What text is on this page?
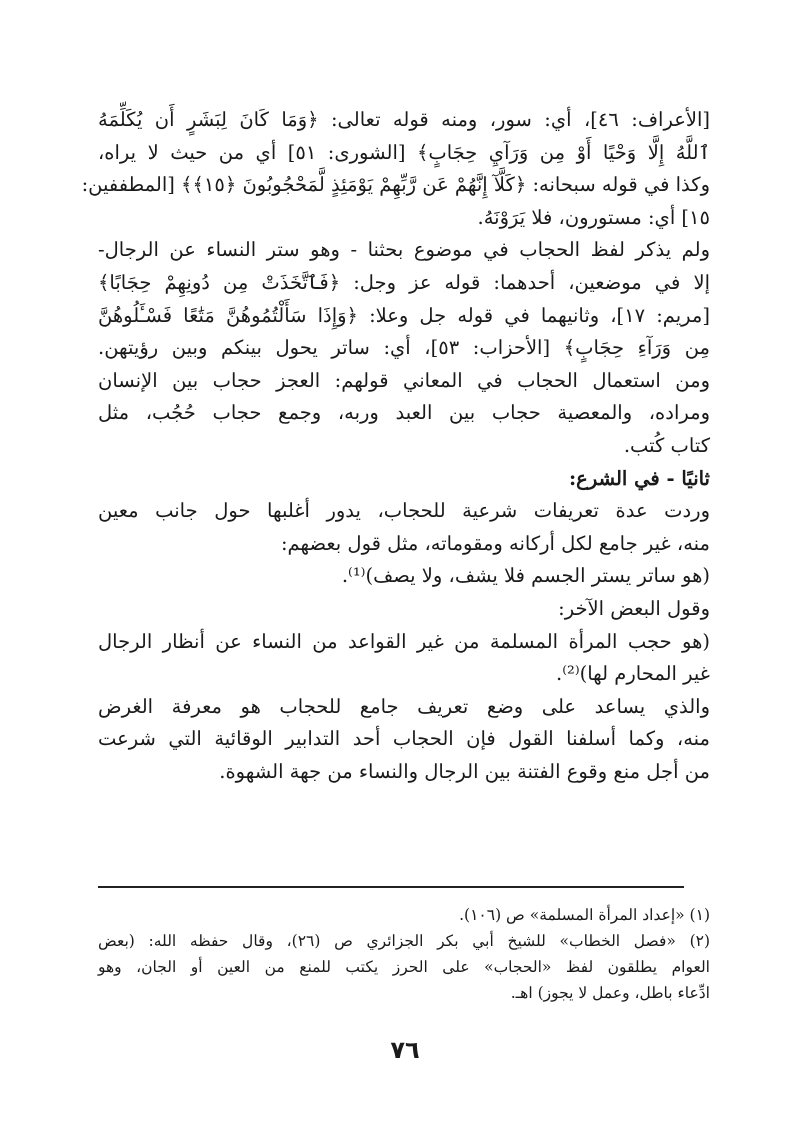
[الأعراف: ٤٦]، أي: سور، ومنه قوله تعالى: ﴿وَمَا كَانَ لِبَشَرٍ أَن يُكَلِّمَهُ
ٱللَّهُ إِلَّا وَحْيًا أَوْ مِن وَرَآيِ حِجَابٍ﴾ [الشورى: ٥١] أي من حيث لا يراه،
وكذا في قوله سبحانه: ﴿كَلَّآ إِنَّهُمْ عَن رَّبِّهِمْ يَوْمَئِذٍ لَّمَحْجُوبُونَ ﴿١٥﴾﴾ [المطففين:
١٥] أي: مستورون، فلا يَرَوْنَهُ.
ولم يذكر لفظ الحجاب في موضوع بحثنا - وهو ستر النساء عن الرجال-
إلا في موضعين، أحدهما: قوله عز وجل: ﴿فَٱتَّخَذَتْ مِن دُونِهِمْ حِجَابًا﴾
[مريم: ١٧]، وثانيهما في قوله جل وعلا: ﴿وَإِذَا سَأَلْتُمُوهُنَّ مَتَٰعًا فَسْـَٔلُوهُنَّ
مِن وَرَآءِ حِجَابٍ﴾ [الأحزاب: ٥٣]، أي: ساتر يحول بينكم وبين رؤيتهن.
ومن استعمال الحجاب في المعاني قولهم: العجز حجاب بين الإنسان
ومراده، والمعصية حجاب بين العبد وربه، وجمع حجاب حُجُب، مثل
كتاب كُتب.
ثانيًا - في الشرع:
وردت عدة تعريفات شرعية للحجاب، يدور أغلبها حول جانب معين
منه، غير جامع لكل أركانه ومقوماته، مثل قول بعضهم:
(هو ساتر يستر الجسم فلا يشف، ولا يصف)⁽¹⁾.
وقول البعض الآخر:
(هو حجب المرأة المسلمة من غير القواعد من النساء عن أنظار الرجال
غير المحارم لها)⁽²⁾.
والذي يساعد على وضع تعريف جامع للحجاب هو معرفة الغرض
منه، وكما أسلفنا القول فإن الحجاب أحد التدابير الوقائية التي شرعت
من أجل منع وقوع الفتنة بين الرجال والنساء من جهة الشهوة.
(١) «إعداد المرأة المسلمة» ص (١٠٦).
(٢) «فصل الخطاب» للشيخ أبي بكر الجزائري ص (٢٦)، وقال حفظه الله: (بعض
العوام يطلقون لفظ «الحجاب» على الحرز يكتب للمنع من العين أو الجان، وهو
ادِّعاء باطل، وعمل لا يجوز) اهـ.
٧٦
